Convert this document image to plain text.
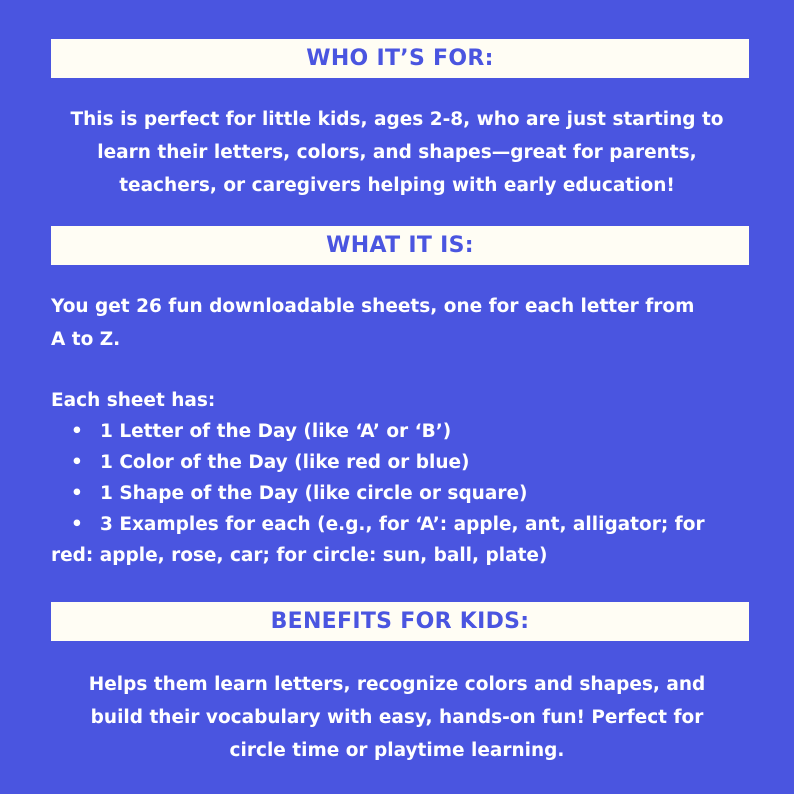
WHO IT’S FOR:
This is perfect for little kids, ages 2-8, who are just starting to
learn their letters, colors, and shapes—great for parents,
teachers, or caregivers helping with early education!
WHAT IT IS:
You get 26 fun downloadable sheets, one for each letter from
A to Z.
Each sheet has:
• 1 Letter of the Day (like ‘A’ or ‘B’)
• 1 Color of the Day (like red or blue)
• 1 Shape of the Day (like circle or square)
• 3 Examples for each (e.g., for ‘A’: apple, ant, alligator; for
red: apple, rose, car; for circle: sun, ball, plate)
BENEFITS FOR KIDS:
Helps them learn letters, recognize colors and shapes, and
build their vocabulary with easy, hands-on fun! Perfect for
circle time or playtime learning.
